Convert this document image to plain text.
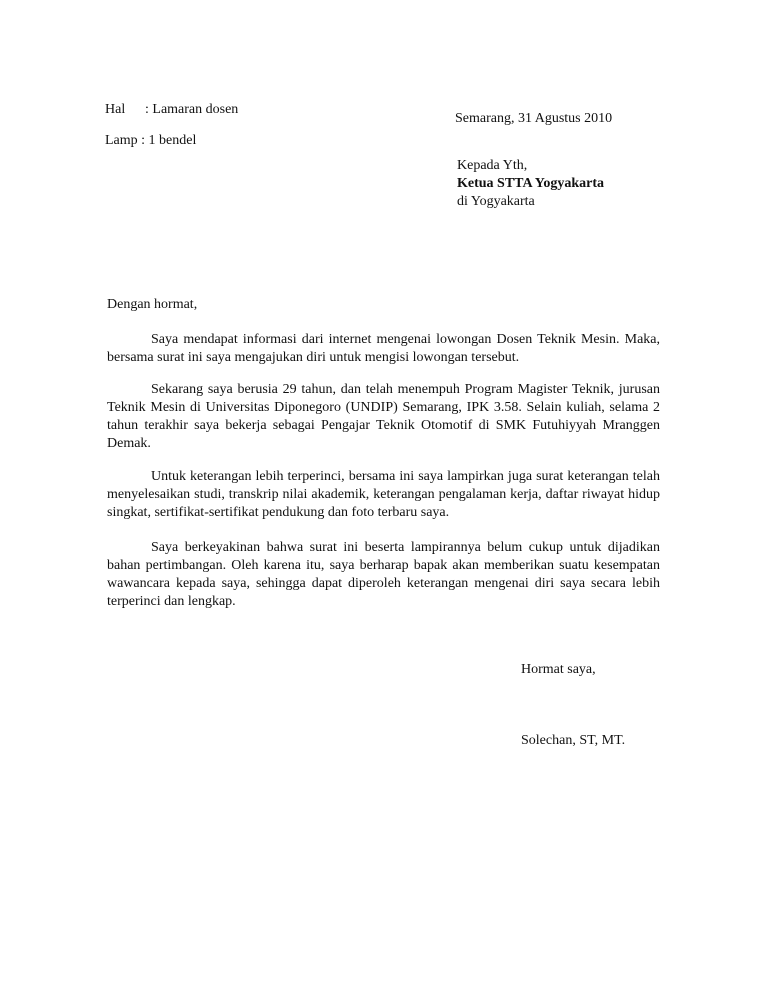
Hal : Lamaran dosen
Lamp : 1 bendel
Semarang, 31 Agustus 2010
Kepada Yth,
Ketua STTA Yogyakarta
di Yogyakarta
Dengan hormat,

Saya mendapat informasi dari internet mengenai lowongan Dosen Teknik Mesin. Maka, bersama surat ini saya mengajukan diri untuk mengisi lowongan tersebut.

Sekarang saya berusia 29 tahun, dan telah menempuh Program Magister Teknik, jurusan Teknik Mesin di Universitas Diponegoro (UNDIP) Semarang, IPK 3.58. Selain kuliah, selama 2 tahun terakhir saya bekerja sebagai Pengajar Teknik Otomotif di SMK Futuhiyyah Mranggen Demak.

Untuk keterangan lebih terperinci, bersama ini saya lampirkan juga surat keterangan telah menyelesaikan studi, transkrip nilai akademik, keterangan pengalaman kerja, daftar riwayat hidup singkat, sertifikat-sertifikat pendukung dan foto terbaru saya.

Saya berkeyakinan bahwa surat ini beserta lampirannya belum cukup untuk dijadikan bahan pertimbangan. Oleh karena itu, saya berharap bapak akan memberikan suatu kesempatan wawancara kepada saya, sehingga dapat diperoleh keterangan mengenai diri saya secara lebih terperinci dan lengkap.

Hormat saya,
Solechan, ST, MT.
